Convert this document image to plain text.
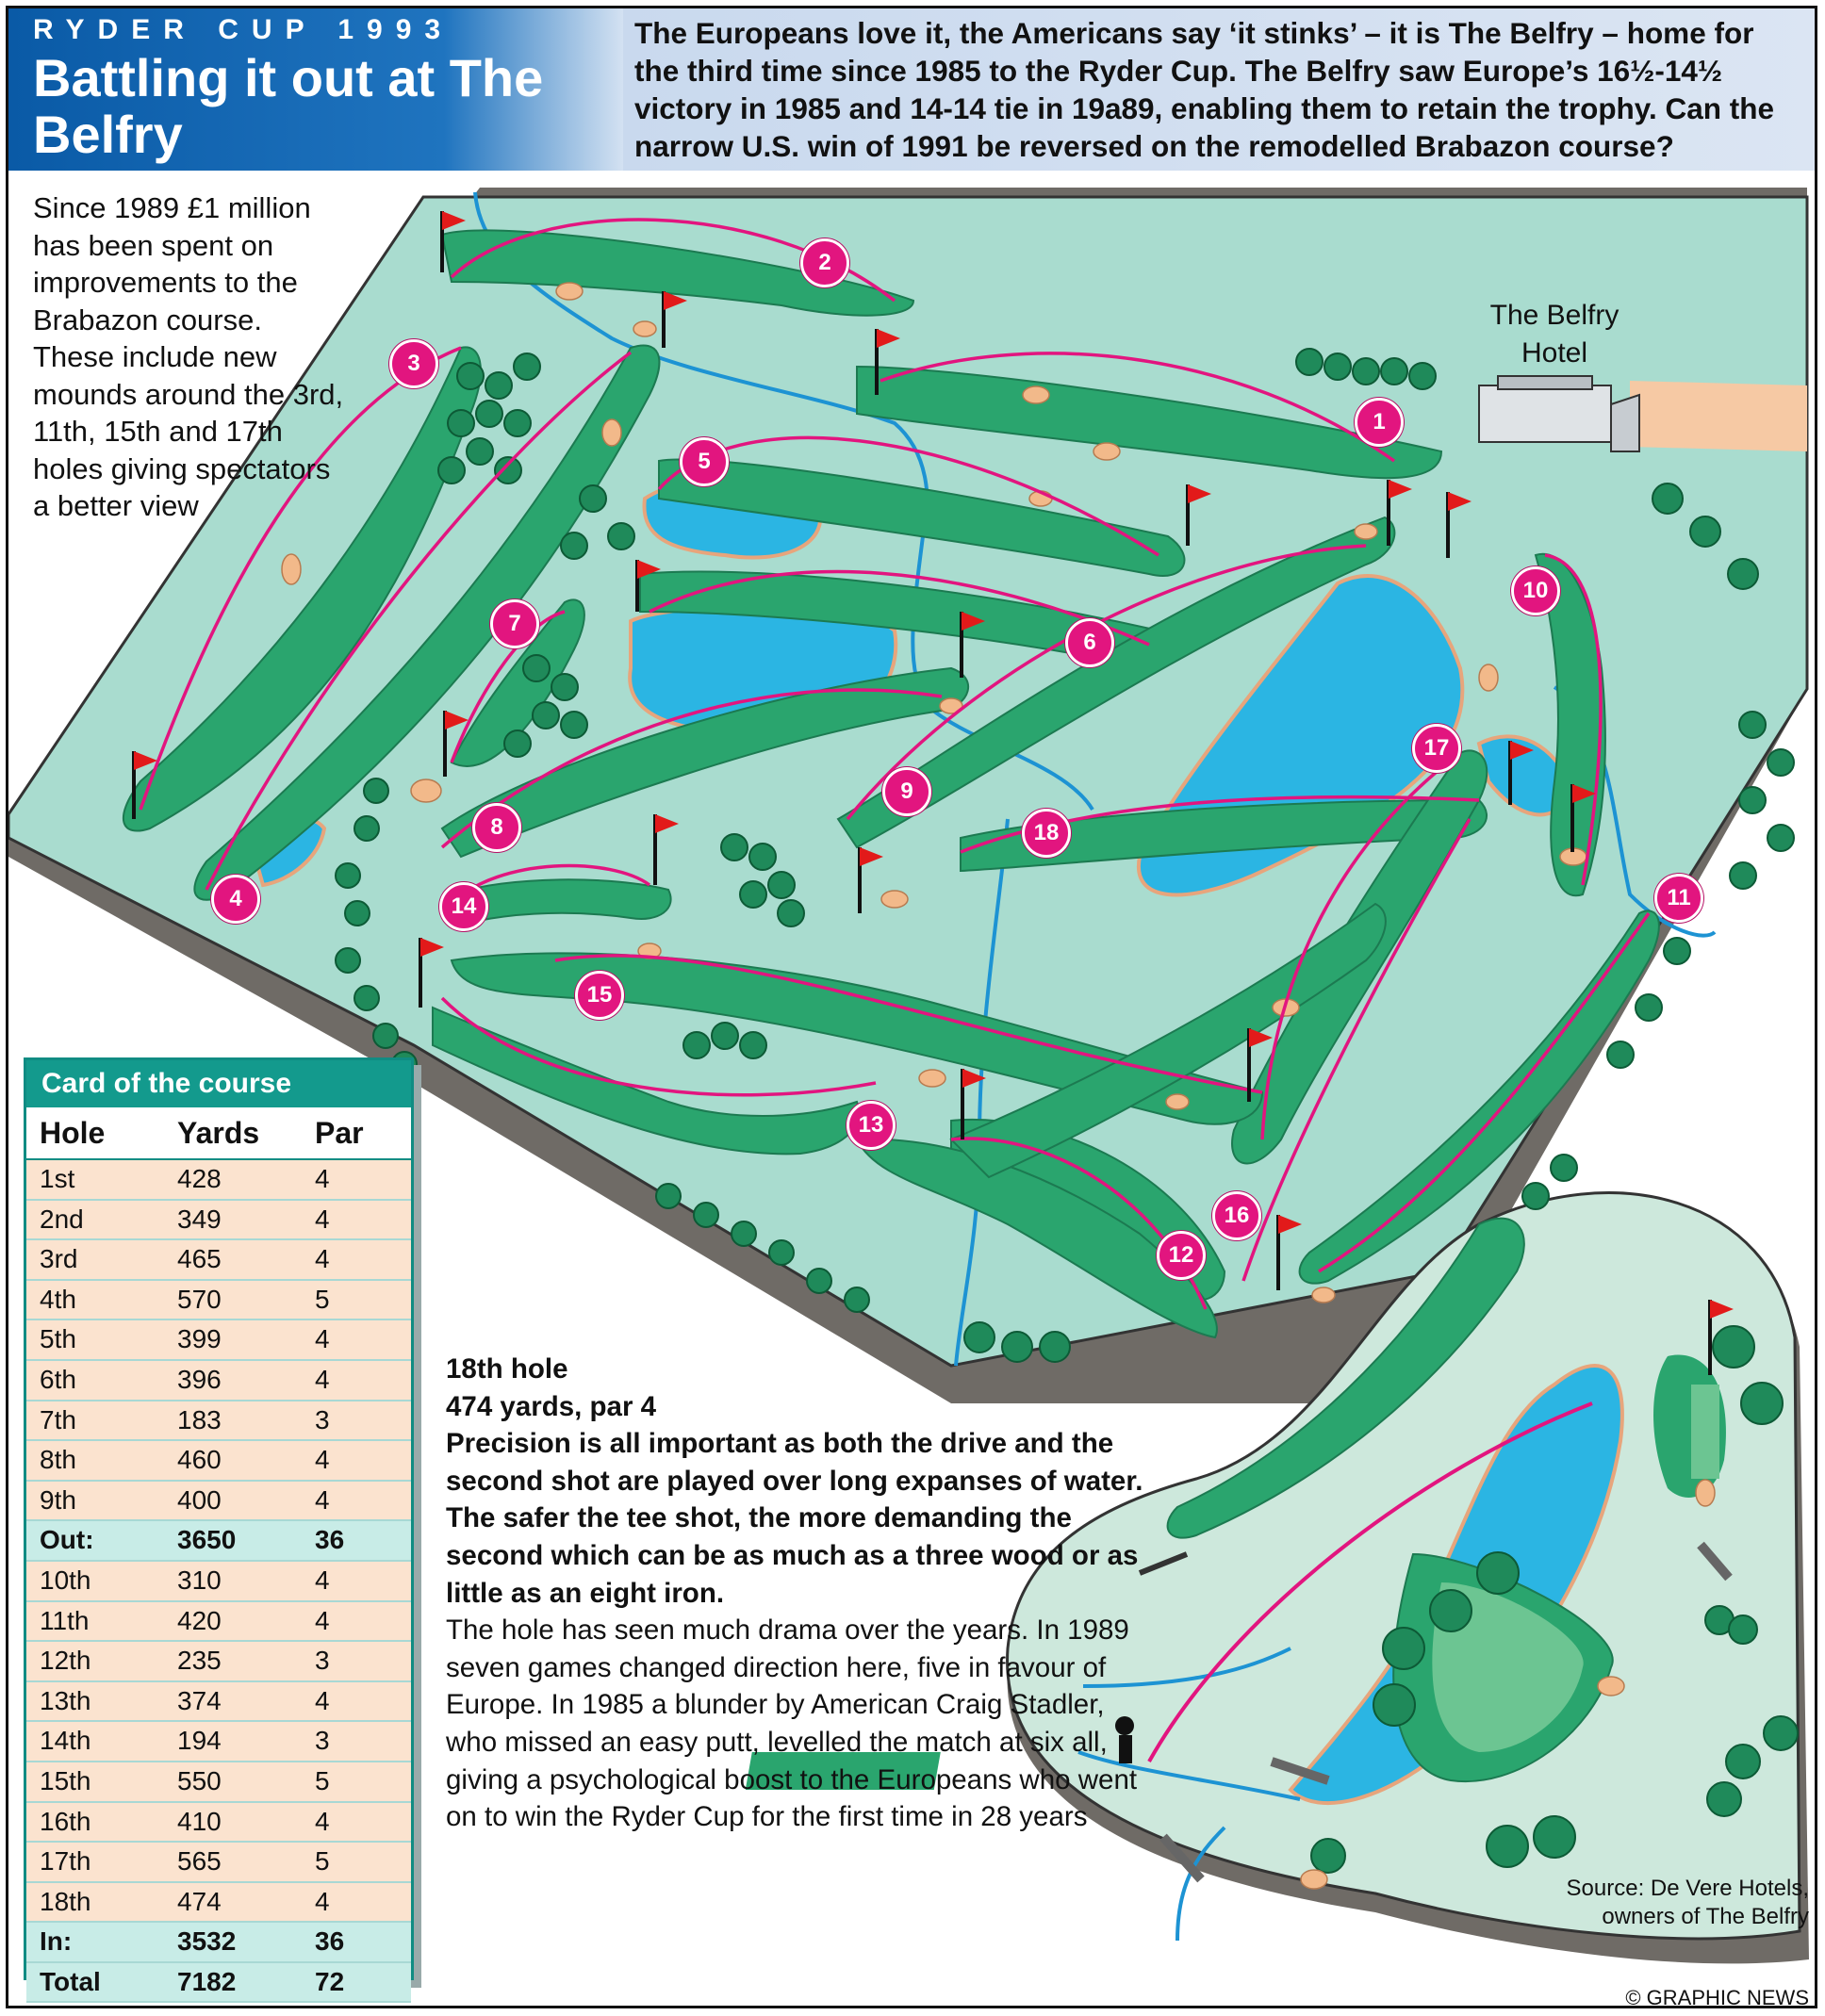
RYDER CUP 1993
Battling it out at The Belfry
The Europeans love it, the Americans say ‘it stinks’ – it is The Belfry – home for the third time since 1985 to the Ryder Cup. The Belfry saw Europe’s 16½-14½ victory in 1985 and 14-14 tie in 19a89, enabling them to retain the trophy. Can the narrow U.S. win of 1991 be reversed on the remodelled Brabazon course?
Since 1989 £1 million has been spent on improvements to the Brabazon course. These include new mounds around the 3rd, 11th, 15th and 17th holes giving spectators a better view
The Belfry Hotel
1
2
3
4
5
6
7
8
9
10
11
12
13
14
15
16
17
18
Card of the course
Hole Yards Par
1st	428	4
2nd	349	4
3rd	465	4
4th	570	5
5th	399	4
6th	396	4
7th	183	3
8th	460	4
9th	400	4
Out:	3650	36
10th	310	4
11th	420	4
12th	235	3
13th	374	4
14th	194	3
15th	550	5
16th	410	4
17th	565	5
18th	474	4
In:	3532	36
Total	7182	72
18th hole
474 yards, par 4
Precision is all important as both the drive and the second shot are played over long expanses of water. The safer the tee shot, the more demanding the second which can be as much as a three wood or as little as an eight iron.
The hole has seen much drama over the years. In 1989 seven games changed direction here, five in favour of Europe. In 1985 a blunder by American Craig Stadler, who missed an easy putt, levelled the match at six all, giving a psychological boost to the Europeans who went on to win the Ryder Cup for the first time in 28 years
Source: De Vere Hotels, owners of The Belfry
© GRAPHIC NEWS
